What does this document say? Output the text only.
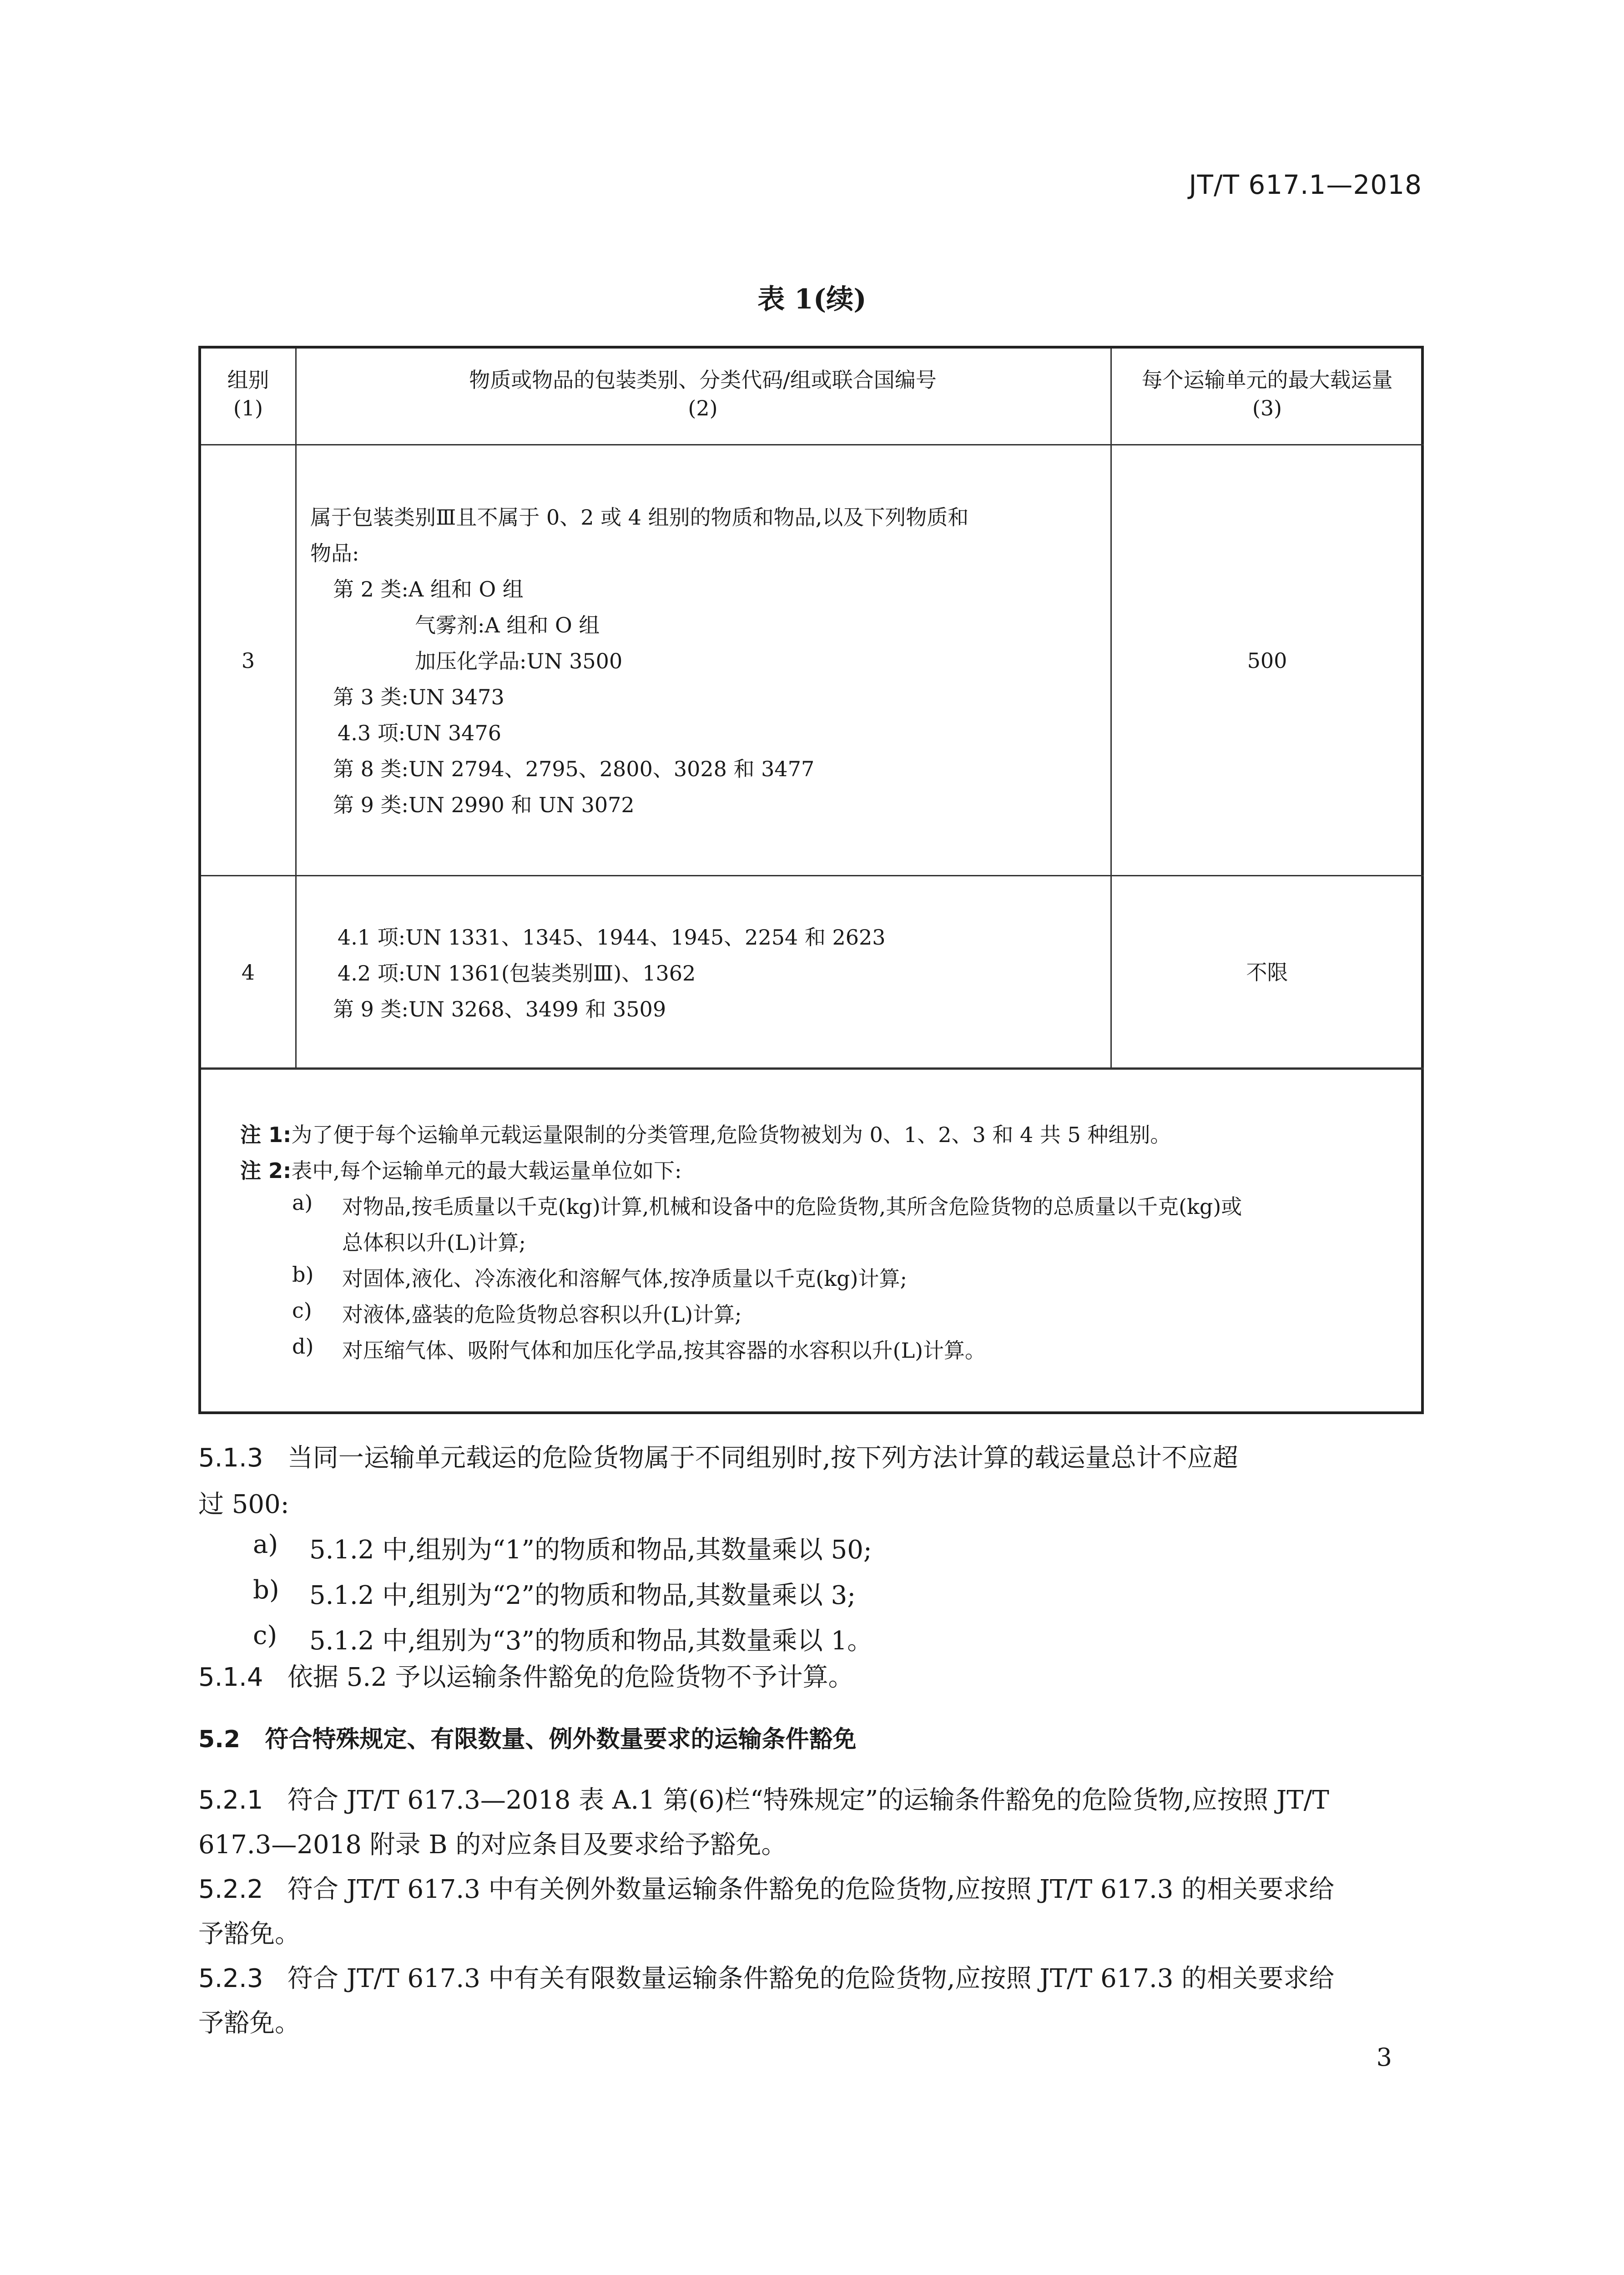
JT/T 617.1—2018
表 1(续)
组别
(1)
物质或物品的包装类别、分类代码/组或联合国编号
(2)
每个运输单元的最大载运量
(3)
3
属于包装类别Ⅲ且不属于 0、2 或 4 组别的物质和物品,以及下列物质和
物品:
第 2 类:A 组和 O 组
气雾剂:A 组和 O 组
加压化学品:UN 3500
第 3 类:UN 3473
4.3 项:UN 3476
第 8 类:UN 2794、2795、2800、3028 和 3477
第 9 类:UN 2990 和 UN 3072
500
4
4.1 项:UN 1331、1345、1944、1945、2254 和 2623
4.2 项:UN 1361(包装类别Ⅲ)、1362
第 9 类:UN 3268、3499 和 3509
不限
注 1:为了便于每个运输单元载运量限制的分类管理,危险货物被划为 0、1、2、3 和 4 共 5 种组别。
注 2:表中,每个运输单元的最大载运量单位如下:
a) 对物品,按毛质量以千克(kg)计算,机械和设备中的危险货物,其所含危险货物的总质量以千克(kg)或
总体积以升(L)计算;
b) 对固体,液化、冷冻液化和溶解气体,按净质量以千克(kg)计算;
c) 对液体,盛装的危险货物总容积以升(L)计算;
d) 对压缩气体、吸附气体和加压化学品,按其容器的水容积以升(L)计算。
5.1.3 当同一运输单元载运的危险货物属于不同组别时,按下列方法计算的载运量总计不应超
过 500:
a) 5.1.2 中,组别为“1”的物质和物品,其数量乘以 50;
b) 5.1.2 中,组别为“2”的物质和物品,其数量乘以 3;
c) 5.1.2 中,组别为“3”的物质和物品,其数量乘以 1。
5.1.4 依据 5.2 予以运输条件豁免的危险货物不予计算。
5.2 符合特殊规定、有限数量、例外数量要求的运输条件豁免
5.2.1 符合 JT/T 617.3—2018 表 A.1 第(6)栏“特殊规定”的运输条件豁免的危险货物,应按照 JT/T
617.3—2018 附录 B 的对应条目及要求给予豁免。
5.2.2 符合 JT/T 617.3 中有关例外数量运输条件豁免的危险货物,应按照 JT/T 617.3 的相关要求给
予豁免。
5.2.3 符合 JT/T 617.3 中有关有限数量运输条件豁免的危险货物,应按照 JT/T 617.3 的相关要求给
予豁免。
3
